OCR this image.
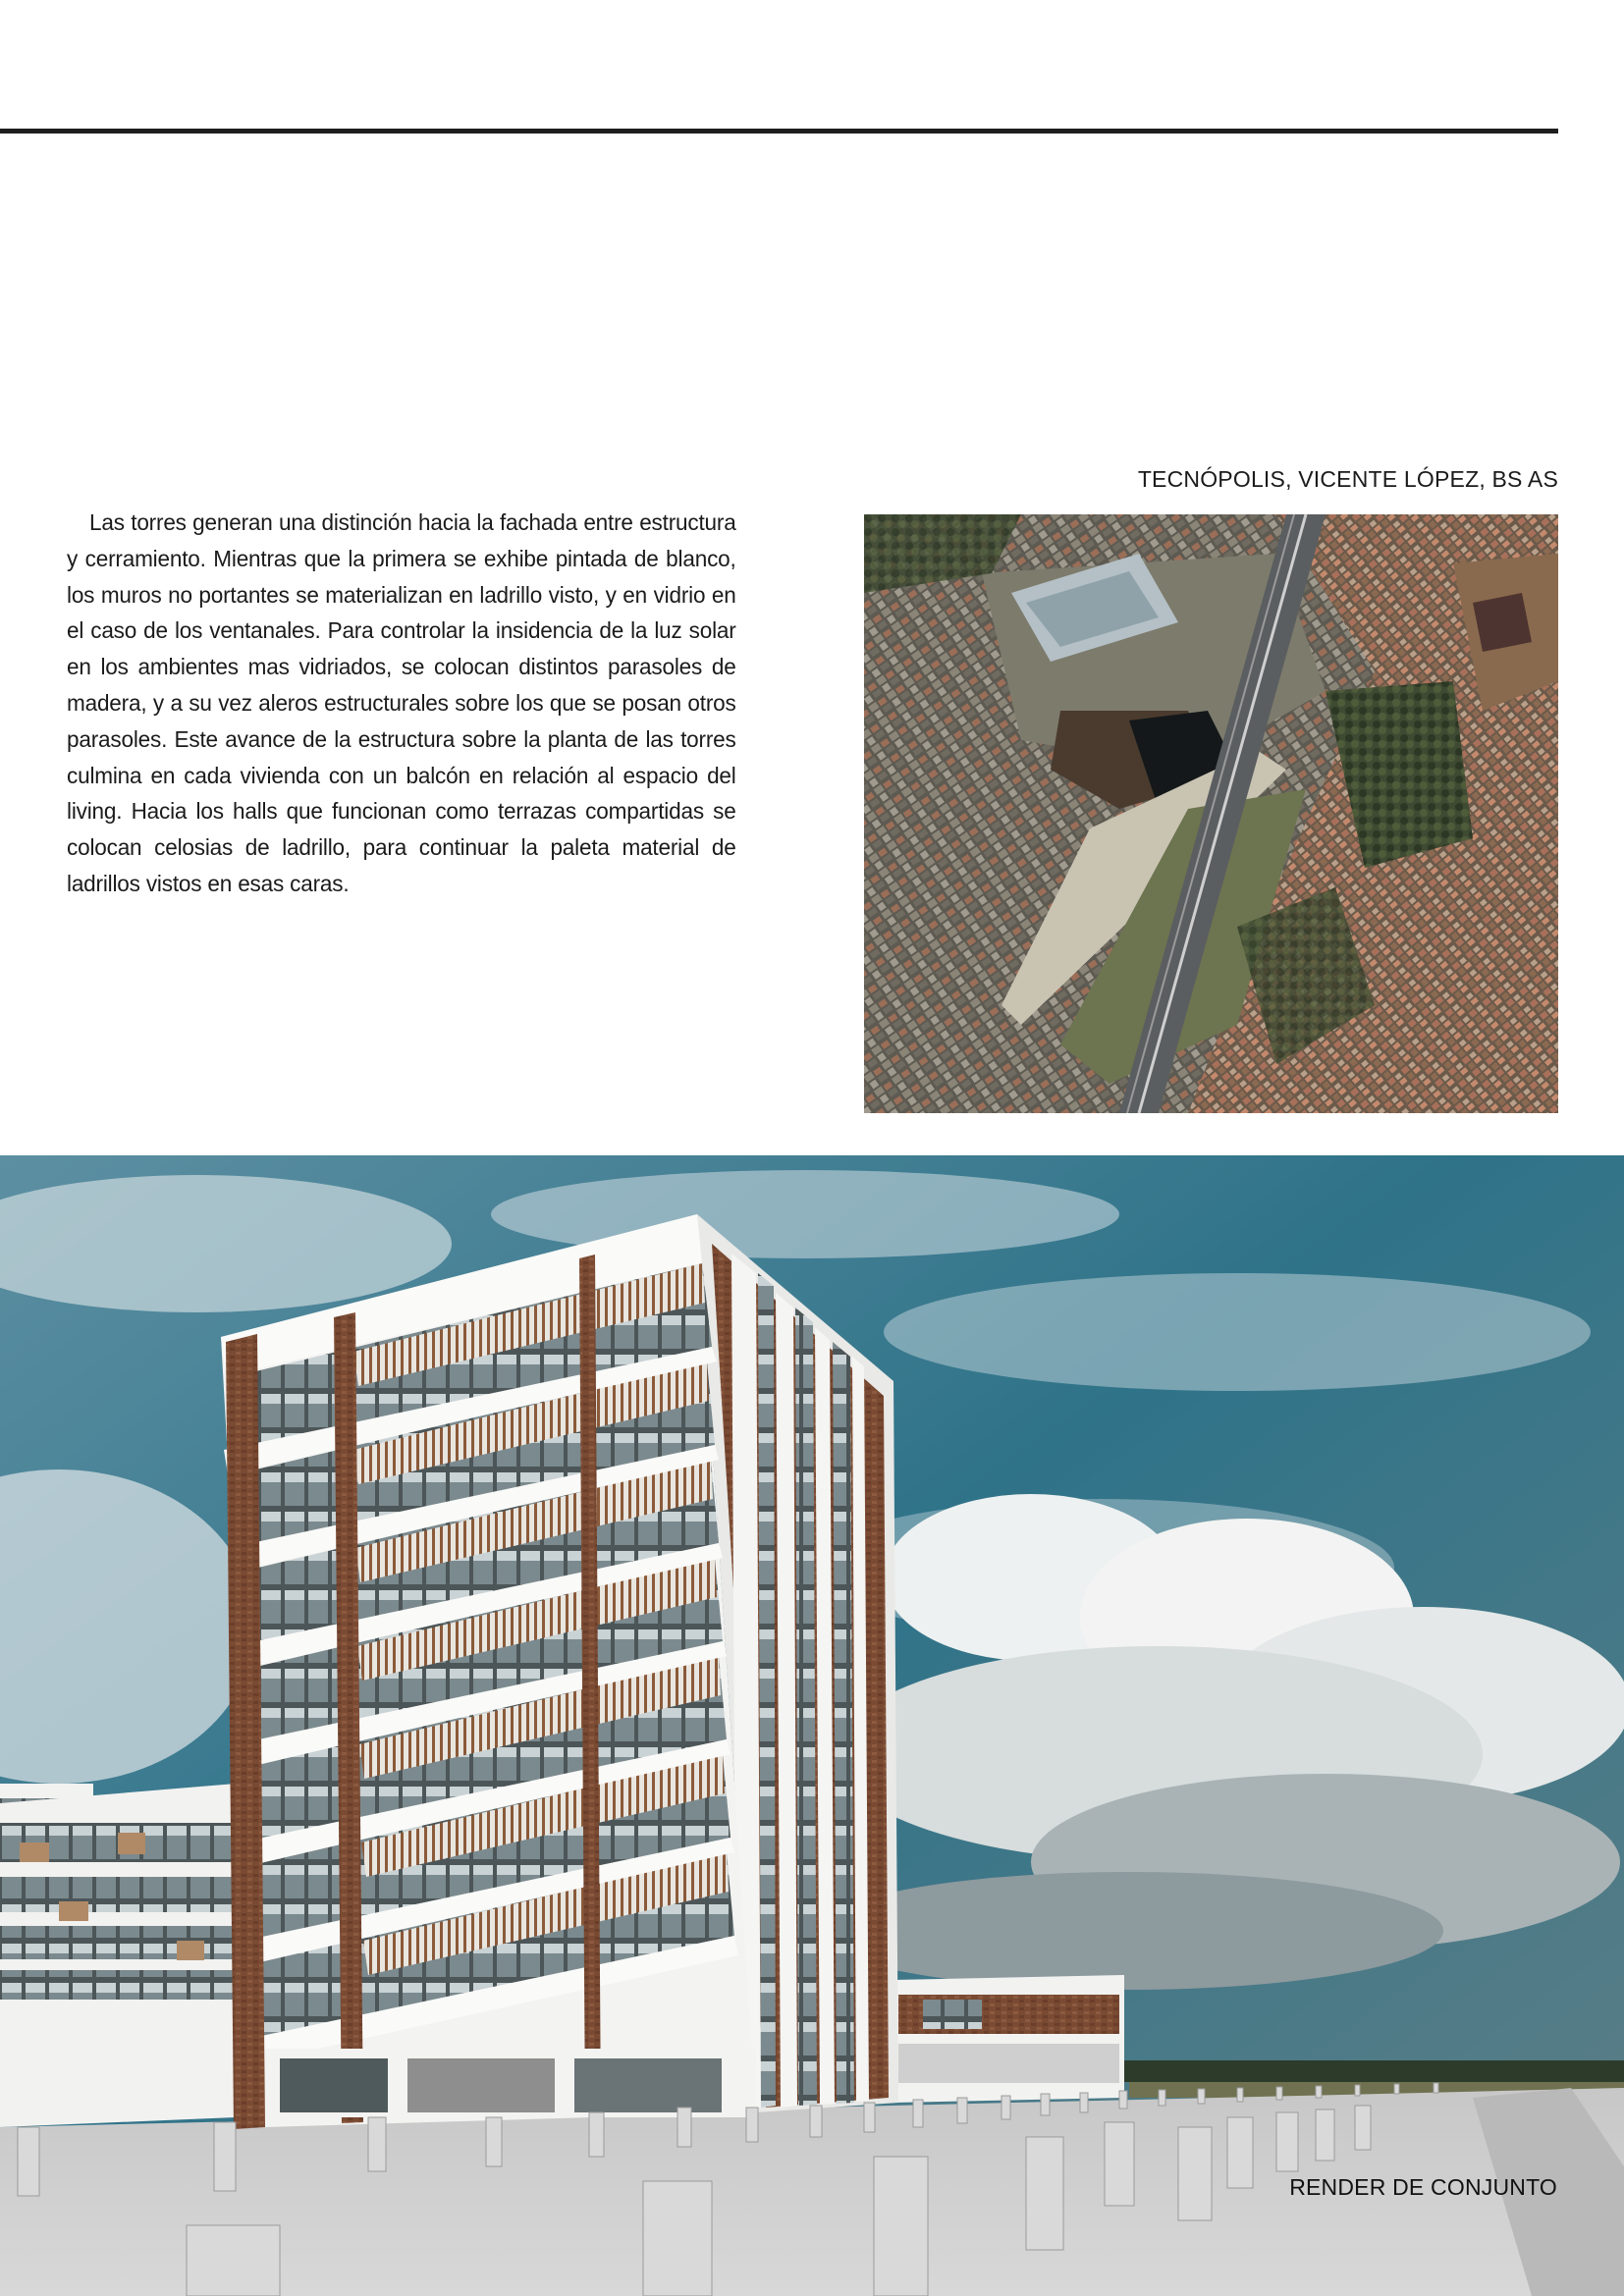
Las torres generan una distinción hacia la fachada entre estructura y cerramiento. Mientras que la primera se exhibe pintada de blanco, los muros no portantes se materializan en ladrillo visto, y en vidrio en el caso de los ventanales. Para controlar la insidencia de la luz solar en los ambientes mas vidriados, se colocan distintos parasoles de madera, y a su vez aleros estructurales sobre los que se posan otros parasoles. Este avance de la estructura sobre la planta de las torres culmina en cada vivienda con un balcón en relación al espacio del living. Hacia los halls que funcionan como terrazas compartidas se colocan celosias de ladrillo, para continuar la paleta material de ladrillos vistos en esas caras.

TECNÓPOLIS, VICENTE LÓPEZ, BS AS

RENDER DE CONJUNTO
